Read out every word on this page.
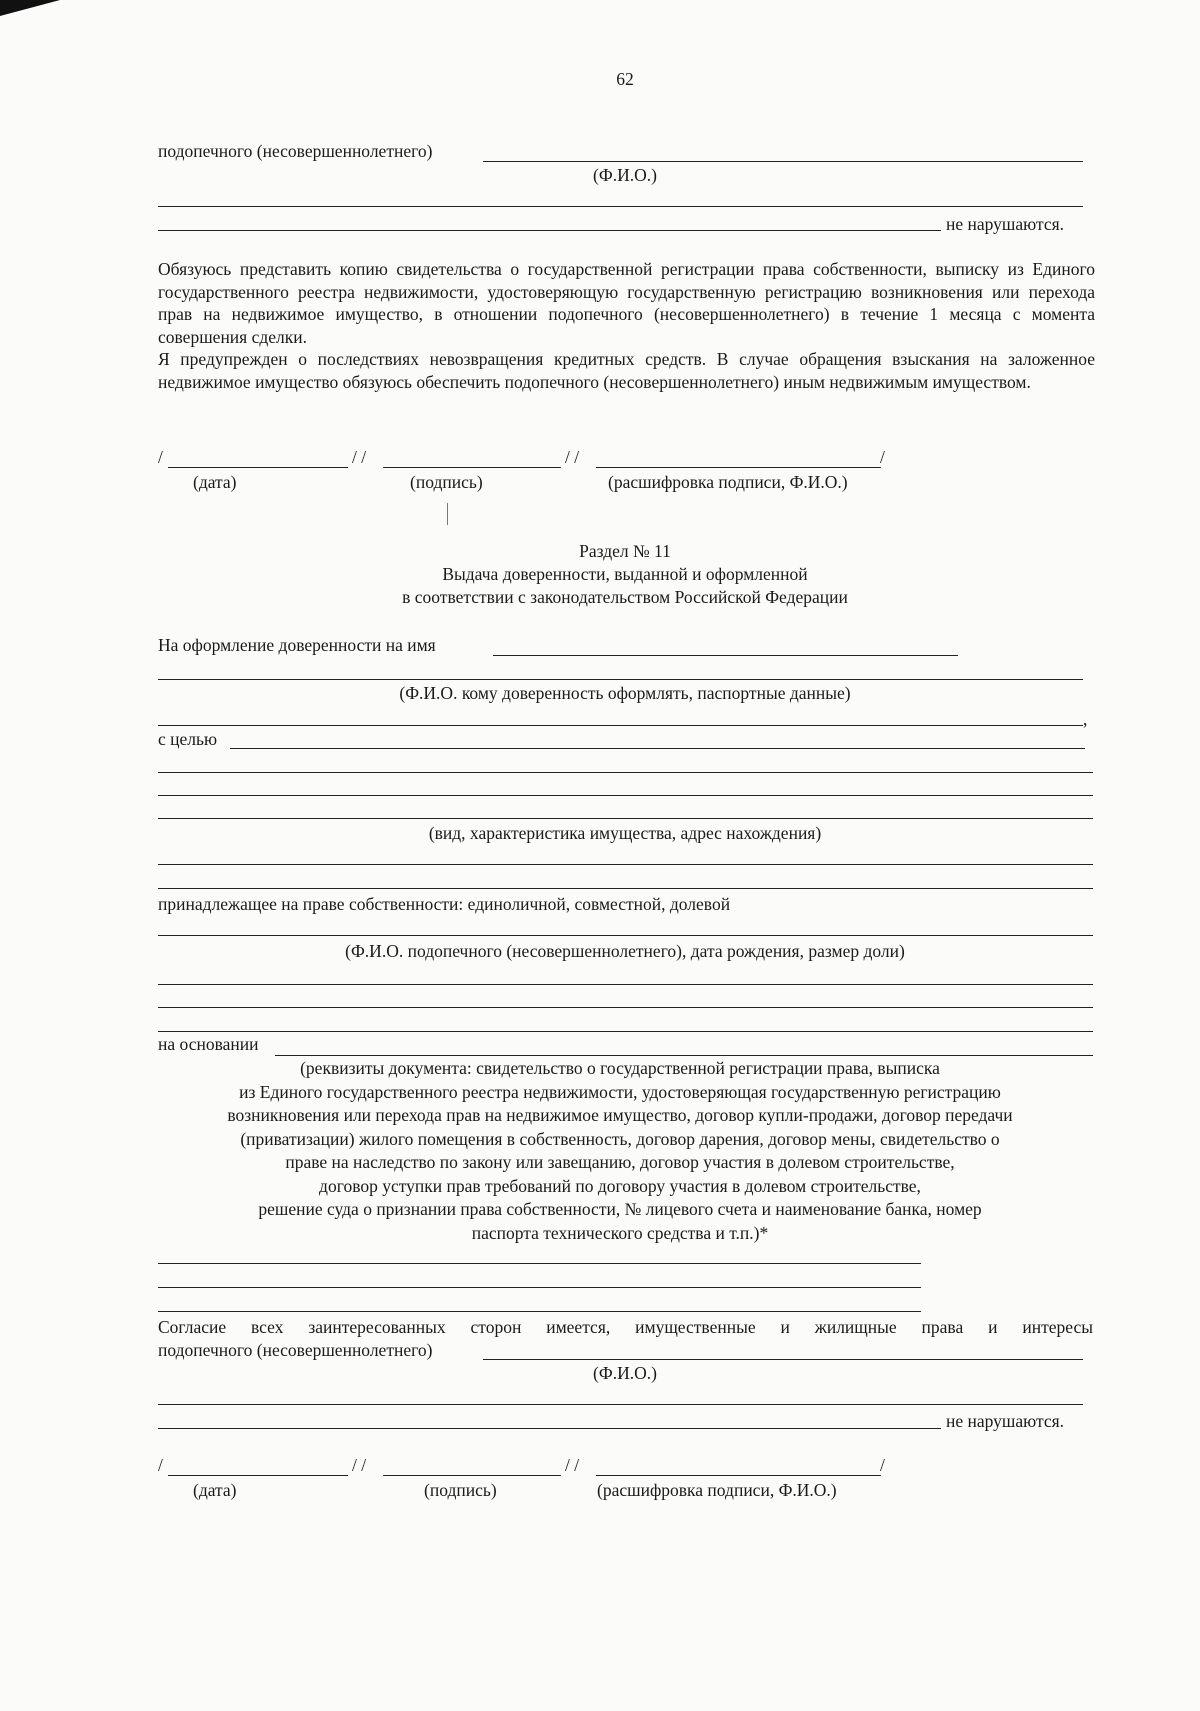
62
подопечного (несовершеннолетнего)
(Ф.И.О.)
не нарушаются.
Обязуюсь представить копию свидетельства о государственной регистрации права собственности, выписку из Единого государственного реестра недвижимости, удостоверяющую государственную регистрацию возникновения или перехода прав на недвижимое имущество, в отношении подопечного (несовершеннолетнего) в течение 1 месяца с момента совершения сделки.
Я предупрежден о последствиях невозвращения кредитных средств. В случае обращения взыскания на заложенное недвижимое имущество обязуюсь обеспечить подопечного (несовершеннолетнего) иным недвижимым имуществом.
/	/ /	/ /	/
(дата)	(подпись)	(расшифровка подписи, Ф.И.О.)
Раздел № 11
Выдача доверенности, выданной и оформленной
в соответствии с законодательством Российской Федерации
На оформление доверенности на имя
(Ф.И.О. кому доверенность оформлять, паспортные данные)
,
с целью
(вид, характеристика имущества, адрес нахождения)
принадлежащее на праве собственности: единоличной, совместной, долевой
(Ф.И.О. подопечного (несовершеннолетнего), дата рождения, размер доли)
на основании
(реквизиты документа: свидетельство о государственной регистрации права, выписка
из Единого государственного реестра недвижимости, удостоверяющая государственную регистрацию
возникновения или перехода прав на недвижимое имущество, договор купли-продажи, договор передачи
(приватизации) жилого помещения в собственность, договор дарения, договор мены, свидетельство о
праве на наследство по закону или завещанию, договор участия в долевом строительстве,
договор уступки прав требований по договору участия в долевом строительстве,
решение суда о признании права собственности, № лицевого счета и наименование банка, номер
паспорта технического средства и т.п.)*
Согласие всех заинтересованных сторон имеется, имущественные и жилищные права и интересы
подопечного (несовершеннолетнего)
(Ф.И.О.)
не нарушаются.
/	/ /	/ /	/
(дата)	(подпись)	(расшифровка подписи, Ф.И.О.)
